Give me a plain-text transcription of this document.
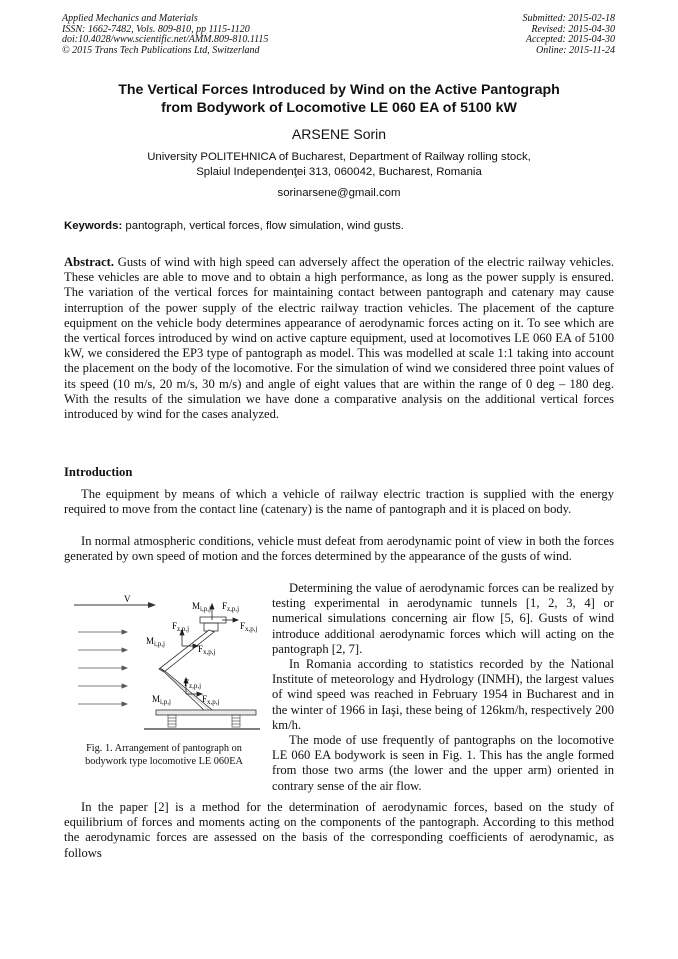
Applied Mechanics and Materials
ISSN: 1662-7482, Vols. 809-810, pp 1115-1120
doi:10.4028/www.scientific.net/AMM.809-810.1115
© 2015 Trans Tech Publications Ltd, Switzerland
Submitted: 2015-02-18
Revised: 2015-04-30
Accepted: 2015-04-30
Online: 2015-11-24
The Vertical Forces Introduced by Wind on the Active Pantograph
from Bodywork of Locomotive LE 060 EA of 5100 kW
ARSENE Sorin
University POLITEHNICA of Bucharest, Department of Railway rolling stock,
Splaiul Independenţei 313, 060042, Bucharest, Romania
sorinarsene@gmail.com
Keywords: pantograph, vertical forces, flow simulation, wind gusts.
Abstract. Gusts of wind with high speed can adversely affect the operation of the electric railway vehicles. These vehicles are able to move and to obtain a high performance, as long as the power supply is ensured. The variation of the vertical forces for maintaining contact between pantograph and catenary may cause interruption of the power supply of the electric railway traction vehicles. The placement of the capture equipment on the vehicle body determines appearance of aerodynamic forces acting on it. To see which are the vertical forces introduced by wind on active capture equipment, used at locomotives LE 060 EA of 5100 kW, we considered the EP3 type of pantograph as model. This was modelled at scale 1:1 taking into account the placement on the body of the locomotive. For the simulation of wind we considered three point values of its speed (10 m/s, 20 m/s, 30 m/s) and angle of eight values that are within the range of 0 deg – 180 deg. With the results of the simulation we have done a comparative analysis on the additional vertical forces introduced by wind for the cases analyzed.
Introduction
The equipment by means of which a vehicle of railway electric traction is supplied with the energy required to move from the contact line (catenary) is the name of pantograph and it is placed on body.
In normal atmospheric conditions, vehicle must defeat from aerodynamic point of view in both the forces generated by own speed of motion and the forces determined by the appearance of the gusts of wind.
V
$M_{i,p,j}$ $F_{z,p,j}$
$F_{x,p,j}$
$F_{z,p,j}$
$M_{i,p,j}$	$F_{x,p,j}$
$F_{z,p,j}$
$M_{i,p,j}$	$F_{x,p,j}$
Fig. 1. Arrangement of pantograph on bodywork type locomotive LE 060EA

Determining the value of aerodynamic forces can be realized by testing experimental in aerodynamic tunnels [1, 2, 3, 4] or numerical simulations concerning air flow [5, 6]. Gusts of wind introduce additional aerodynamic forces which will acting on the pantograph [2, 7].

In Romania according to statistics recorded by the National Institute of meteorology and Hydrology (INMH), the largest values of wind speed was reached in February 1954 in Bucharest and in the winter of 1966 in Iaşi, these being of 126km/h, respectively 200 km/h.

The mode of use frequently of pantographs on the locomotive LE 060 EA bodywork is seen in Fig. 1. This has the angle formed from those two arms (the lower and the upper arm) oriented in contrary sense of the air flow.

In the paper [2] is a method for the determination of aerodynamic forces, based on the study of equilibrium of forces and moments acting on the components of the pantograph. According to this method the aerodynamic forces are assessed on the basis of the corresponding coefficients of aerodynamic, as follows
